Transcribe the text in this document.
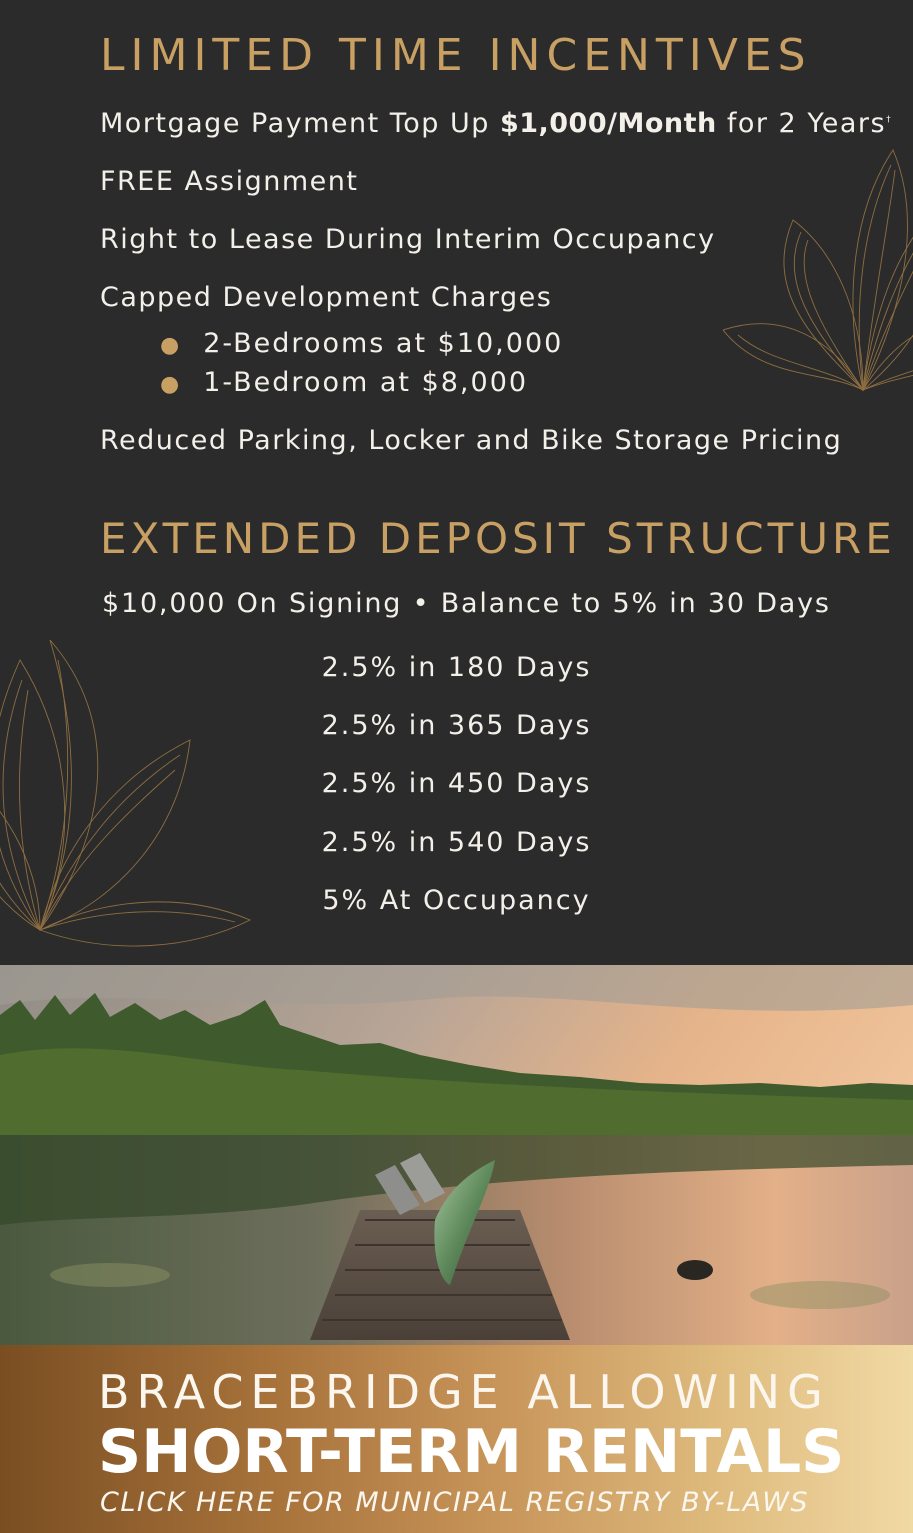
LIMITED TIME INCENTIVES
Mortgage Payment Top Up $1,000/Month for 2 Years†
FREE Assignment
Right to Lease During Interim Occupancy
Capped Development Charges
● 2-Bedrooms at $10,000
● 1-Bedroom at $8,000
Reduced Parking, Locker and Bike Storage Pricing
EXTENDED DEPOSIT STRUCTURE
$10,000 On Signing • Balance to 5% in 30 Days
2.5% in 180 Days
2.5% in 365 Days
2.5% in 450 Days
2.5% in 540 Days
5% At Occupancy
BRACEBRIDGE ALLOWING
SHORT-TERM RENTALS
CLICK HERE FOR MUNICIPAL REGISTRY BY-LAWS
